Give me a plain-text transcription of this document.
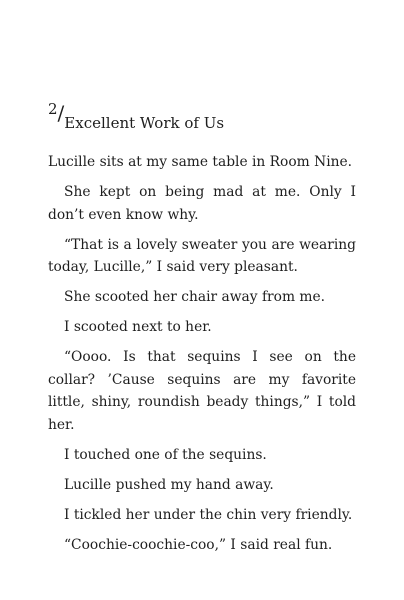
2/Excellent Work of Us

Lucille sits at my same table in Room Nine.

She kept on being mad at me. Only I don’t even know why.

“That is a lovely sweater you are wearing today, Lucille,” I said very pleasant.

She scooted her chair away from me.

I scooted next to her.

“Oooo. Is that sequins I see on the collar? ’Cause sequins are my favorite little, shiny, roundish beady things,” I told her.

I touched one of the sequins.

Lucille pushed my hand away.

I tickled her under the chin very friendly.

“Coochie-coochie-coo,” I said real fun.
